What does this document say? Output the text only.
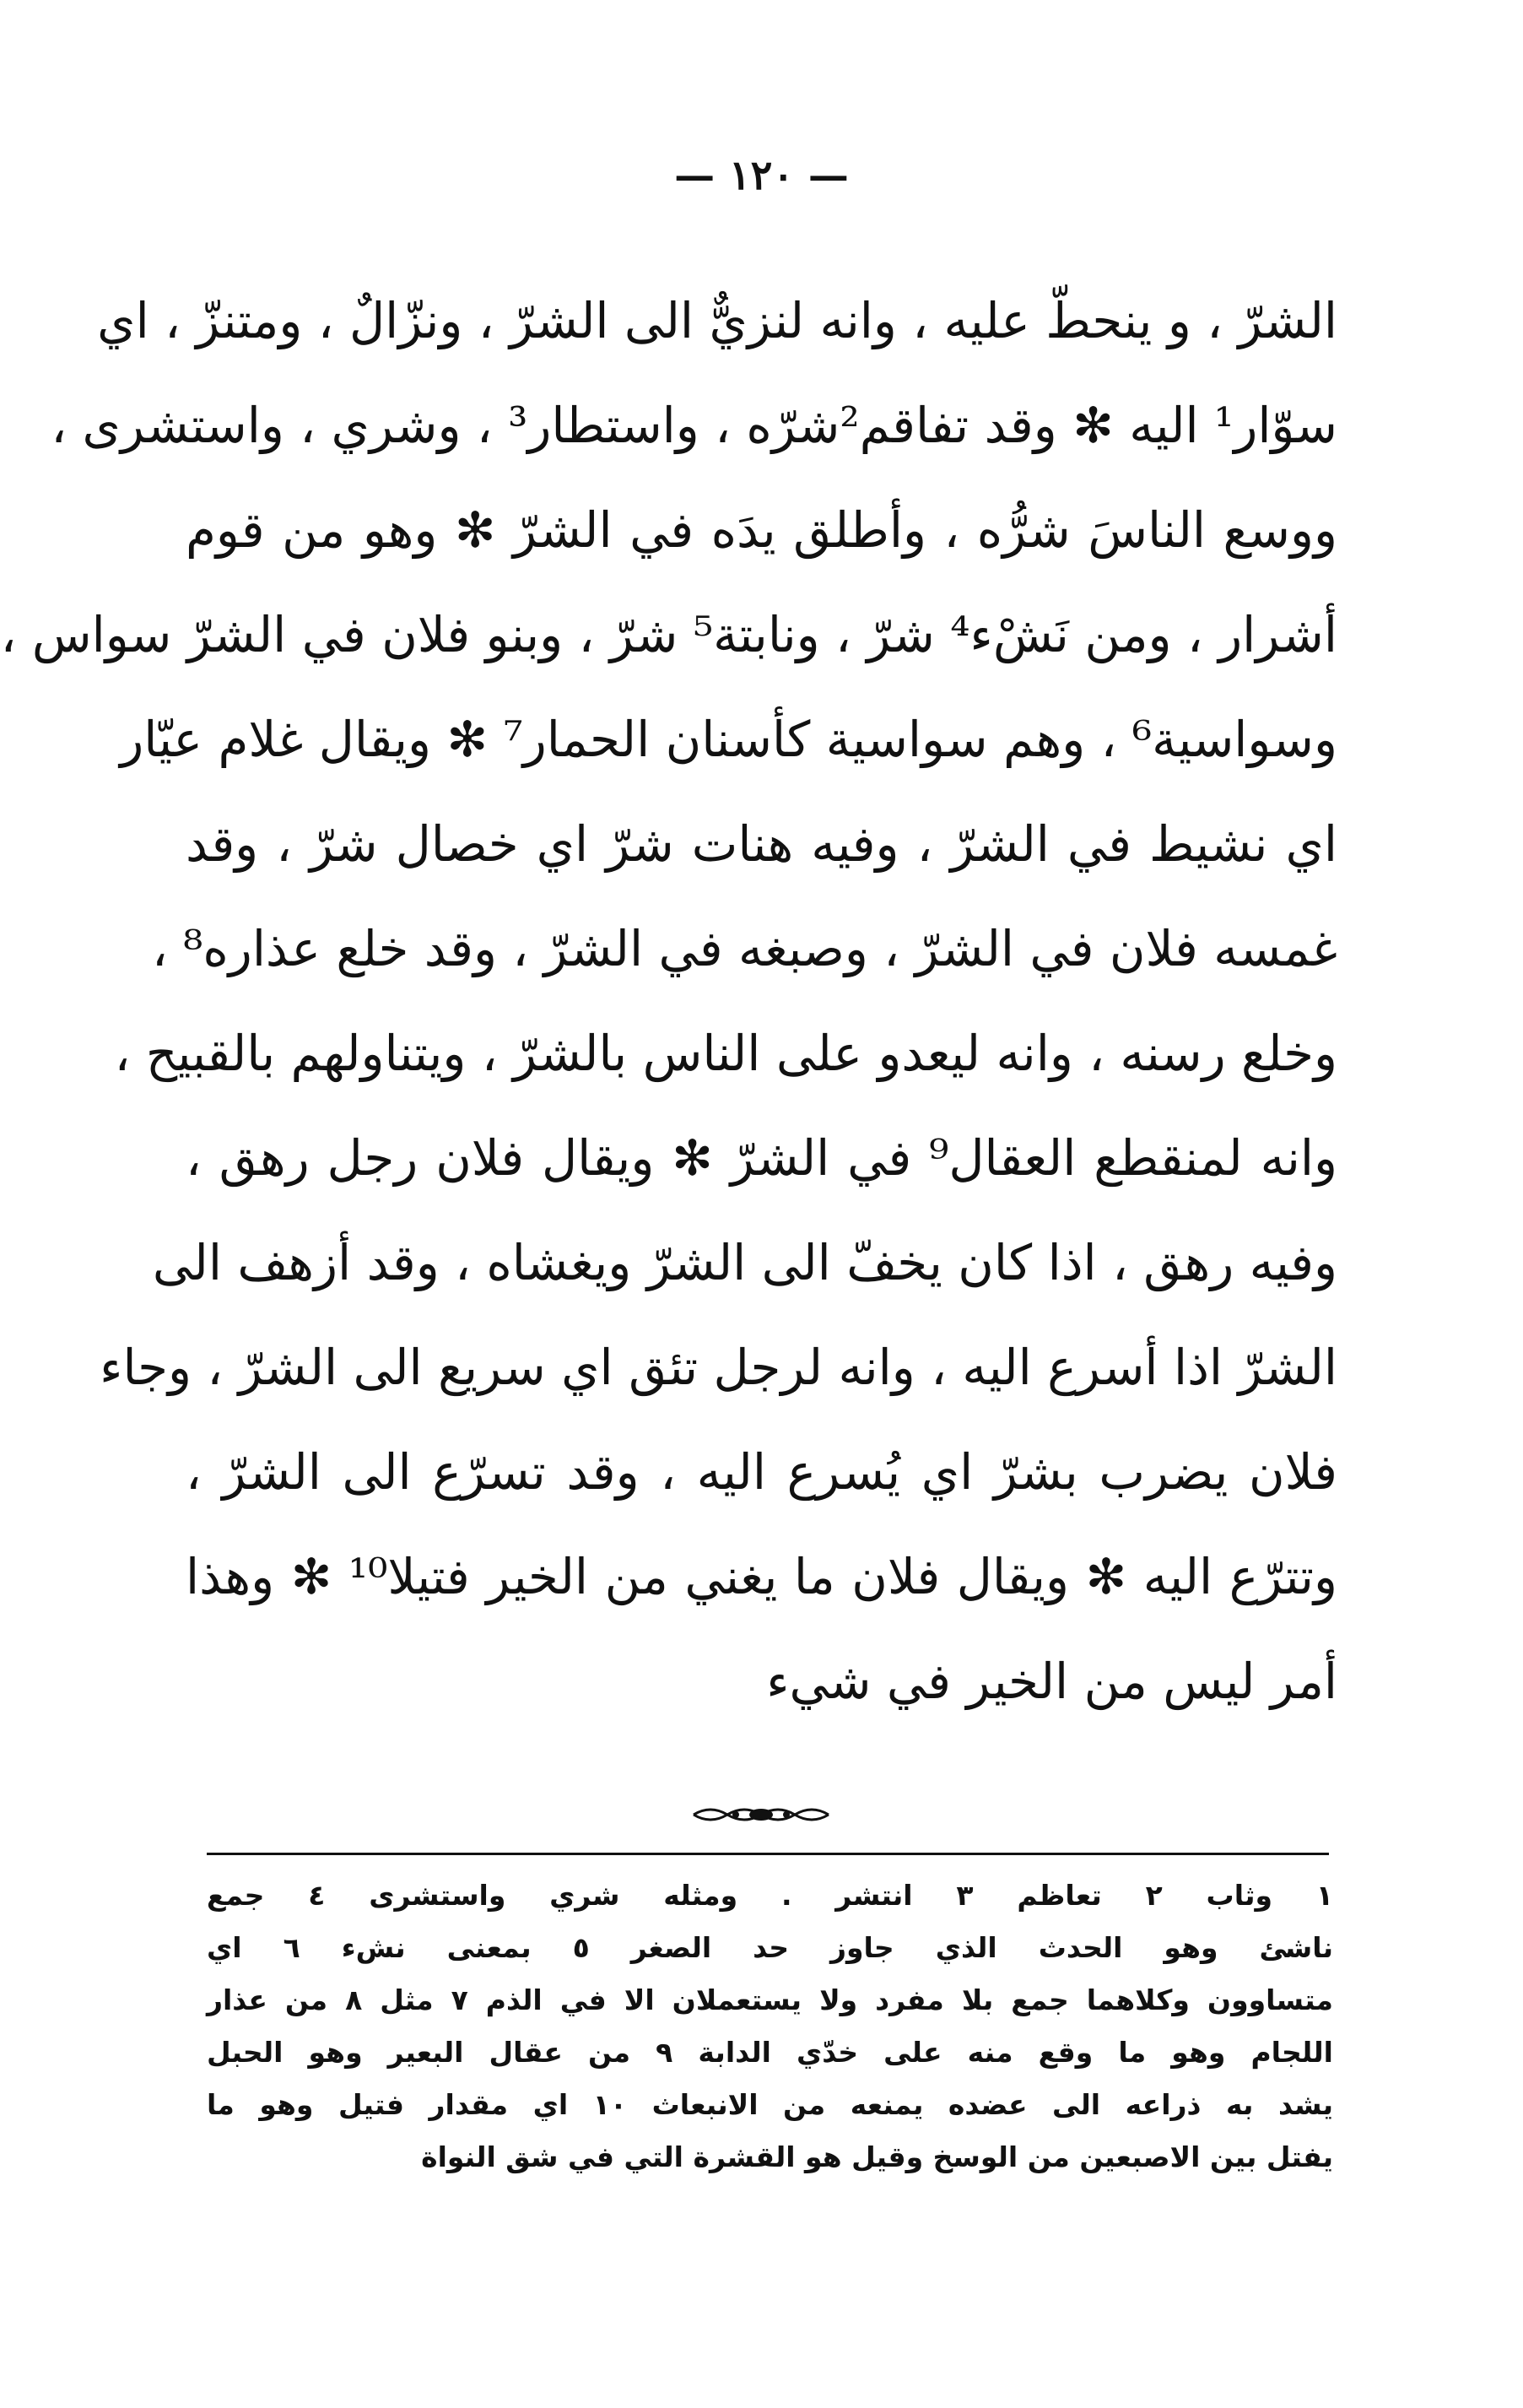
— ١٢٠ —
الشرّ ، و ينحطّ عليه ، وانه لنزيٌّ الى الشرّ ، ونزّالٌ ، ومتنزّ ، اي
سوّار¹ اليه ✻ وقد تفاقم²شرّه ، واستطار³ ، وشري ، واستشرى ،
ووسع الناسَ شرُّه ، وأطلق يدَه في الشرّ ✻ وهو من قوم
أشرار ، ومن نَشْء⁴ شرّ ، ونابتة⁵ شرّ ، وبنو فلان في الشرّ سواس ،
وسواسية⁶ ، وهم سواسية كأسنان الحمار⁷ ✻ ويقال غلام عيّار
اي نشيط في الشرّ ، وفيه هنات شرّ اي خصال شرّ ، وقد
غمسه فلان في الشرّ ، وصبغه في الشرّ ، وقد خلع عذاره⁸ ،
وخلع رسنه ، وانه ليعدو على الناس بالشرّ ، ويتناولهم بالقبيح ،
وانه لمنقطع العقال⁹ في الشرّ ✻ ويقال فلان رجل رهق ،
وفيه رهق ، اذا كان يخفّ الى الشرّ ويغشاه ، وقد أزهف الى
الشرّ اذا أسرع اليه ، وانه لرجل تئق اي سريع الى الشرّ ، وجاء
فلان يضرب بشرّ اي يُسرع اليه ، وقد تسرّع الى الشرّ ،
وتترّع اليه ✻ ويقال فلان ما يغني من الخير فتيلا¹⁰ ✻ وهذا
أمر ليس من الخير في شيء
١ وثاب ٢ تعاظم ٣ انتشر . ومثله شري واستشرى ٤ جمع
ناشئ وهو الحدث الذي جاوز حد الصغر ٥ بمعنى نشء ٦ اي
متساوون وكلاهما جمع بلا مفرد ولا يستعملان الا في الذم ٧ مثل ٨ من عذار
اللجام وهو ما وقع منه على خدّي الدابة ٩ من عقال البعير وهو الحبل
يشد به ذراعه الى عضده يمنعه من الانبعاث ١٠ اي مقدار فتيل وهو ما
يفتل بين الاصبعين من الوسخ وقيل هو القشرة التي في شق النواة
